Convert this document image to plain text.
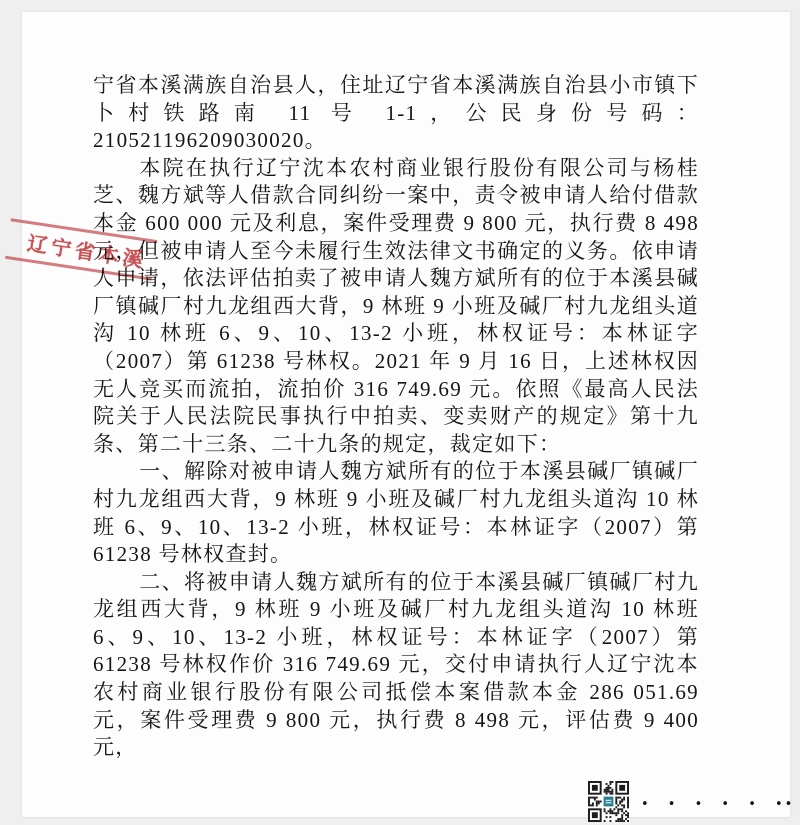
辽宁省本溪

宁省本溪满族自治县人，住址辽宁省本溪满族自治县小市镇下卜村铁路南 11 号 1-1，公民身份号码：210521196209030020。

本院在执行辽宁沈本农村商业银行股份有限公司与杨桂芝、魏方斌等人借款合同纠纷一案中，责令被申请人给付借款本金 600 000 元及利息，案件受理费 9 800 元，执行费 8 498 元，但被申请人至今未履行生效法律文书确定的义务。依申请人申请，依法评估拍卖了被申请人魏方斌所有的位于本溪县碱厂镇碱厂村九龙组西大背，9 林班 9 小班及碱厂村九龙组头道沟 10 林班 6、9、10、13-2 小班，林权证号：本林证字（2007）第 61238 号林权。2021 年 9 月 16 日，上述林权因无人竞买而流拍，流拍价 316 749.69 元。依照《最高人民法院关于人民法院民事执行中拍卖、变卖财产的规定》第十九条、第二十三条、二十九条的规定，裁定如下：

一、解除对被申请人魏方斌所有的位于本溪县碱厂镇碱厂村九龙组西大背，9 林班 9 小班及碱厂村九龙组头道沟 10 林班 6、9、10、13-2 小班，林权证号：本林证字（2007）第 61238 号林权查封。

二、将被申请人魏方斌所有的位于本溪县碱厂镇碱厂村九龙组西大背，9 林班 9 小班及碱厂村九龙组头道沟 10 林班 6、9、10、13-2 小班，林权证号：本林证字（2007）第 61238 号林权作价 316 749.69 元，交付申请执行人辽宁沈本农村商业银行股份有限公司抵偿本案借款本金 286 051.69 元，案件受理费 9 800 元，执行费 8 498 元，评估费 9 400 元，

• • • • • ••
